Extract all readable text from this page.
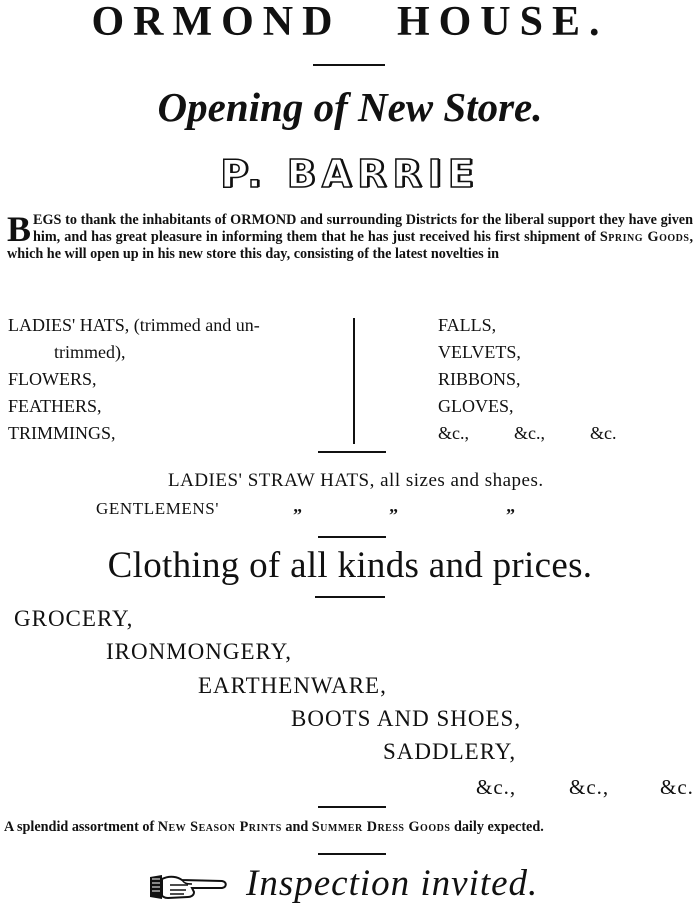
ORMOND HOUSE.
Opening of New Store.
P. BARRIE
BEGS to thank the inhabitants of ORMOND and surrounding Districts for the liberal support they have given him, and has great pleasure in informing them that he has just received his first shipment of Spring Goods, which he will open up in his new store this day, consisting of the latest novelties in
LADIES' HATS, (trimmed and un-
trimmed),
FLOWERS,
FEATHERS,
TRIMMINGS,
FALLS,
VELVETS,
RIBBONS,
GLOVES,
&c.,	&c.,	&c.
LADIES' STRAW HATS, all sizes and shapes.
GENTLEMENS'	”	”	”
Clothing of all kinds and prices.
GROCERY,
IRONMONGERY,
EARTHENWARE,
BOOTS AND SHOES,
SADDLERY,
&c.,	&c., &c.
A splendid assortment of New Season Prints and Summer Dress Goods daily expected.
Inspection invited.
